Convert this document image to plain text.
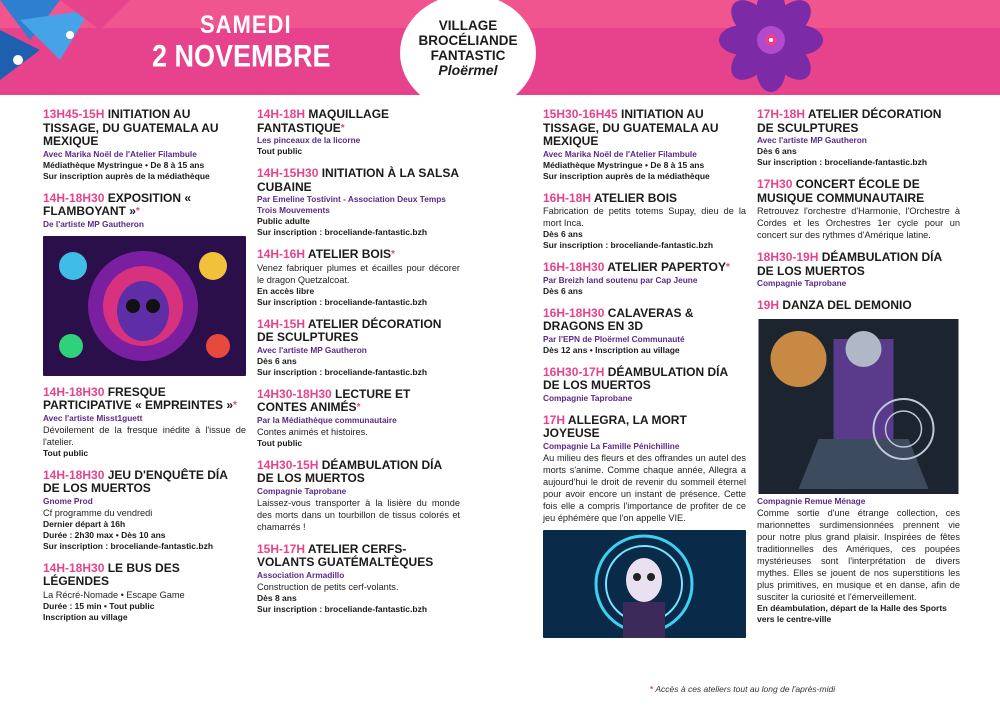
SAMEDI
2 NOVEMBRE
VILLAGE
BROCÉLIANDE
FANTASTIC
Ploërmel
13H45-15H INITIATION AU TISSAGE, DU GUATEMALA AU MEXIQUE
Avec Marika Noël de l'Atelier Filambule
Médiathèque Mystringue • De 8 à 15 ans
Sur inscription auprès de la médiathèque
14H-18H30 EXPOSITION « FLAMBOYANT »*
De l'artiste MP Gautheron
14H-18H30 FRESQUE PARTICIPATIVE « EMPREINTES »*
Avec l'artiste Misst1guett
Dévoilement de la fresque inédite à l'issue de l'atelier.
Tout public
14H-18H30 JEU D'ENQUÊTE DÍA DE LOS MUERTOS
Gnome Prod
Cf programme du vendredi
Dernier départ à 16h
Durée : 2h30 max • Dès 10 ans
Sur inscription : broceliande-fantastic.bzh
14H-18H30 LE BUS DES LÉGENDES
La Récré-Nomade • Escape Game
Durée : 15 min • Tout public
Inscription au village
14H-18H MAQUILLAGE FANTASTIQUE*
Les pinceaux de la licorne
Tout public
14H-15H30 INITIATION À LA SALSA CUBAINE
Par Emeline Tostivint - Association Deux Temps Trois Mouvements
Public adulte
Sur inscription : broceliande-fantastic.bzh
14H-16H ATELIER BOIS*
Venez fabriquer plumes et écailles pour décorer le dragon Quetzalcoat.
En accès libre
Sur inscription : broceliande-fantastic.bzh
14H-15H ATELIER DÉCORATION DE SCULPTURES
Avec l'artiste MP Gautheron
Dès 6 ans
Sur inscription : broceliande-fantastic.bzh
14H30-18H30 LECTURE ET CONTES ANIMÉS*
Par la Médiathèque communautaire
Contes animés et histoires.
Tout public
14H30-15H DÉAMBULATION DÍA DE LOS MUERTOS
Compagnie Taprobane
Laissez-vous transporter à la lisière du monde des morts dans un tourbillon de tissus colorés et chamarrés !
15H-17H ATELIER CERFS-VOLANTS GUATÉMALTÈQUES
Association Armadillo
Construction de petits cerf-volants.
Dès 8 ans
Sur inscription : broceliande-fantastic.bzh
15H30-16H45 INITIATION AU TISSAGE, DU GUATEMALA AU MEXIQUE
Avec Marika Noël de l'Atelier Filambule
Médiathèque Mystringue • De 8 à 15 ans
Sur inscription auprès de la médiathèque
16H-18H ATELIER BOIS
Fabrication de petits totems Supay, dieu de la mort Inca.
Dès 6 ans
Sur inscription : broceliande-fantastic.bzh
16H-18H30 ATELIER PAPERTOY*
Par Breizh land soutenu par Cap Jeune
Dès 6 ans
16H-18H30 CALAVERAS & DRAGONS EN 3D
Par l'EPN de Ploërmel Communauté
Dès 12 ans • Inscription au village
16H30-17H DÉAMBULATION DÍA DE LOS MUERTOS
Compagnie Taprobane
17H ALLEGRA, LA MORT JOYEUSE
Compagnie La Famille Pénichilline
Au milieu des fleurs et des offrandes un autel des morts s'anime. Comme chaque année, Allegra a aujourd'hui le droit de revenir du sommeil éternel pour avoir encore un instant de présence. Cette fois elle a compris l'importance de profiter de ce jeu éphémère que l'on appelle VIE.
17H-18H ATELIER DÉCORATION DE SCULPTURES
Avec l'artiste MP Gautheron
Dès 6 ans
Sur inscription : broceliande-fantastic.bzh
17H30 CONCERT ÉCOLE DE MUSIQUE COMMUNAUTAIRE
Retrouvez l'orchestre d'Harmonie, l'Orchestre à Cordes et les Orchestres 1er cycle pour un concert sur des rythmes d'Amérique latine.
18H30-19H DÉAMBULATION DÍA DE LOS MUERTOS
Compagnie Taprobane
19H DANZA DEL DEMONIO
Compagnie Remue Ménage
Comme sortie d'une étrange collection, ces marionnettes surdimensionnées prennent vie pour notre plus grand plaisir. Inspirées de fêtes traditionnelles des Amériques, ces poupées mystérieuses sont l'interprétation de divers mythes. Elles se jouent de nos superstitions les plus primitives, en musique et en danse, afin de susciter la curiosité et l'émerveillement.
En déambulation, départ de la Halle des Sports
vers le centre-ville
* Accès à ces ateliers tout au long de l'après-midi
